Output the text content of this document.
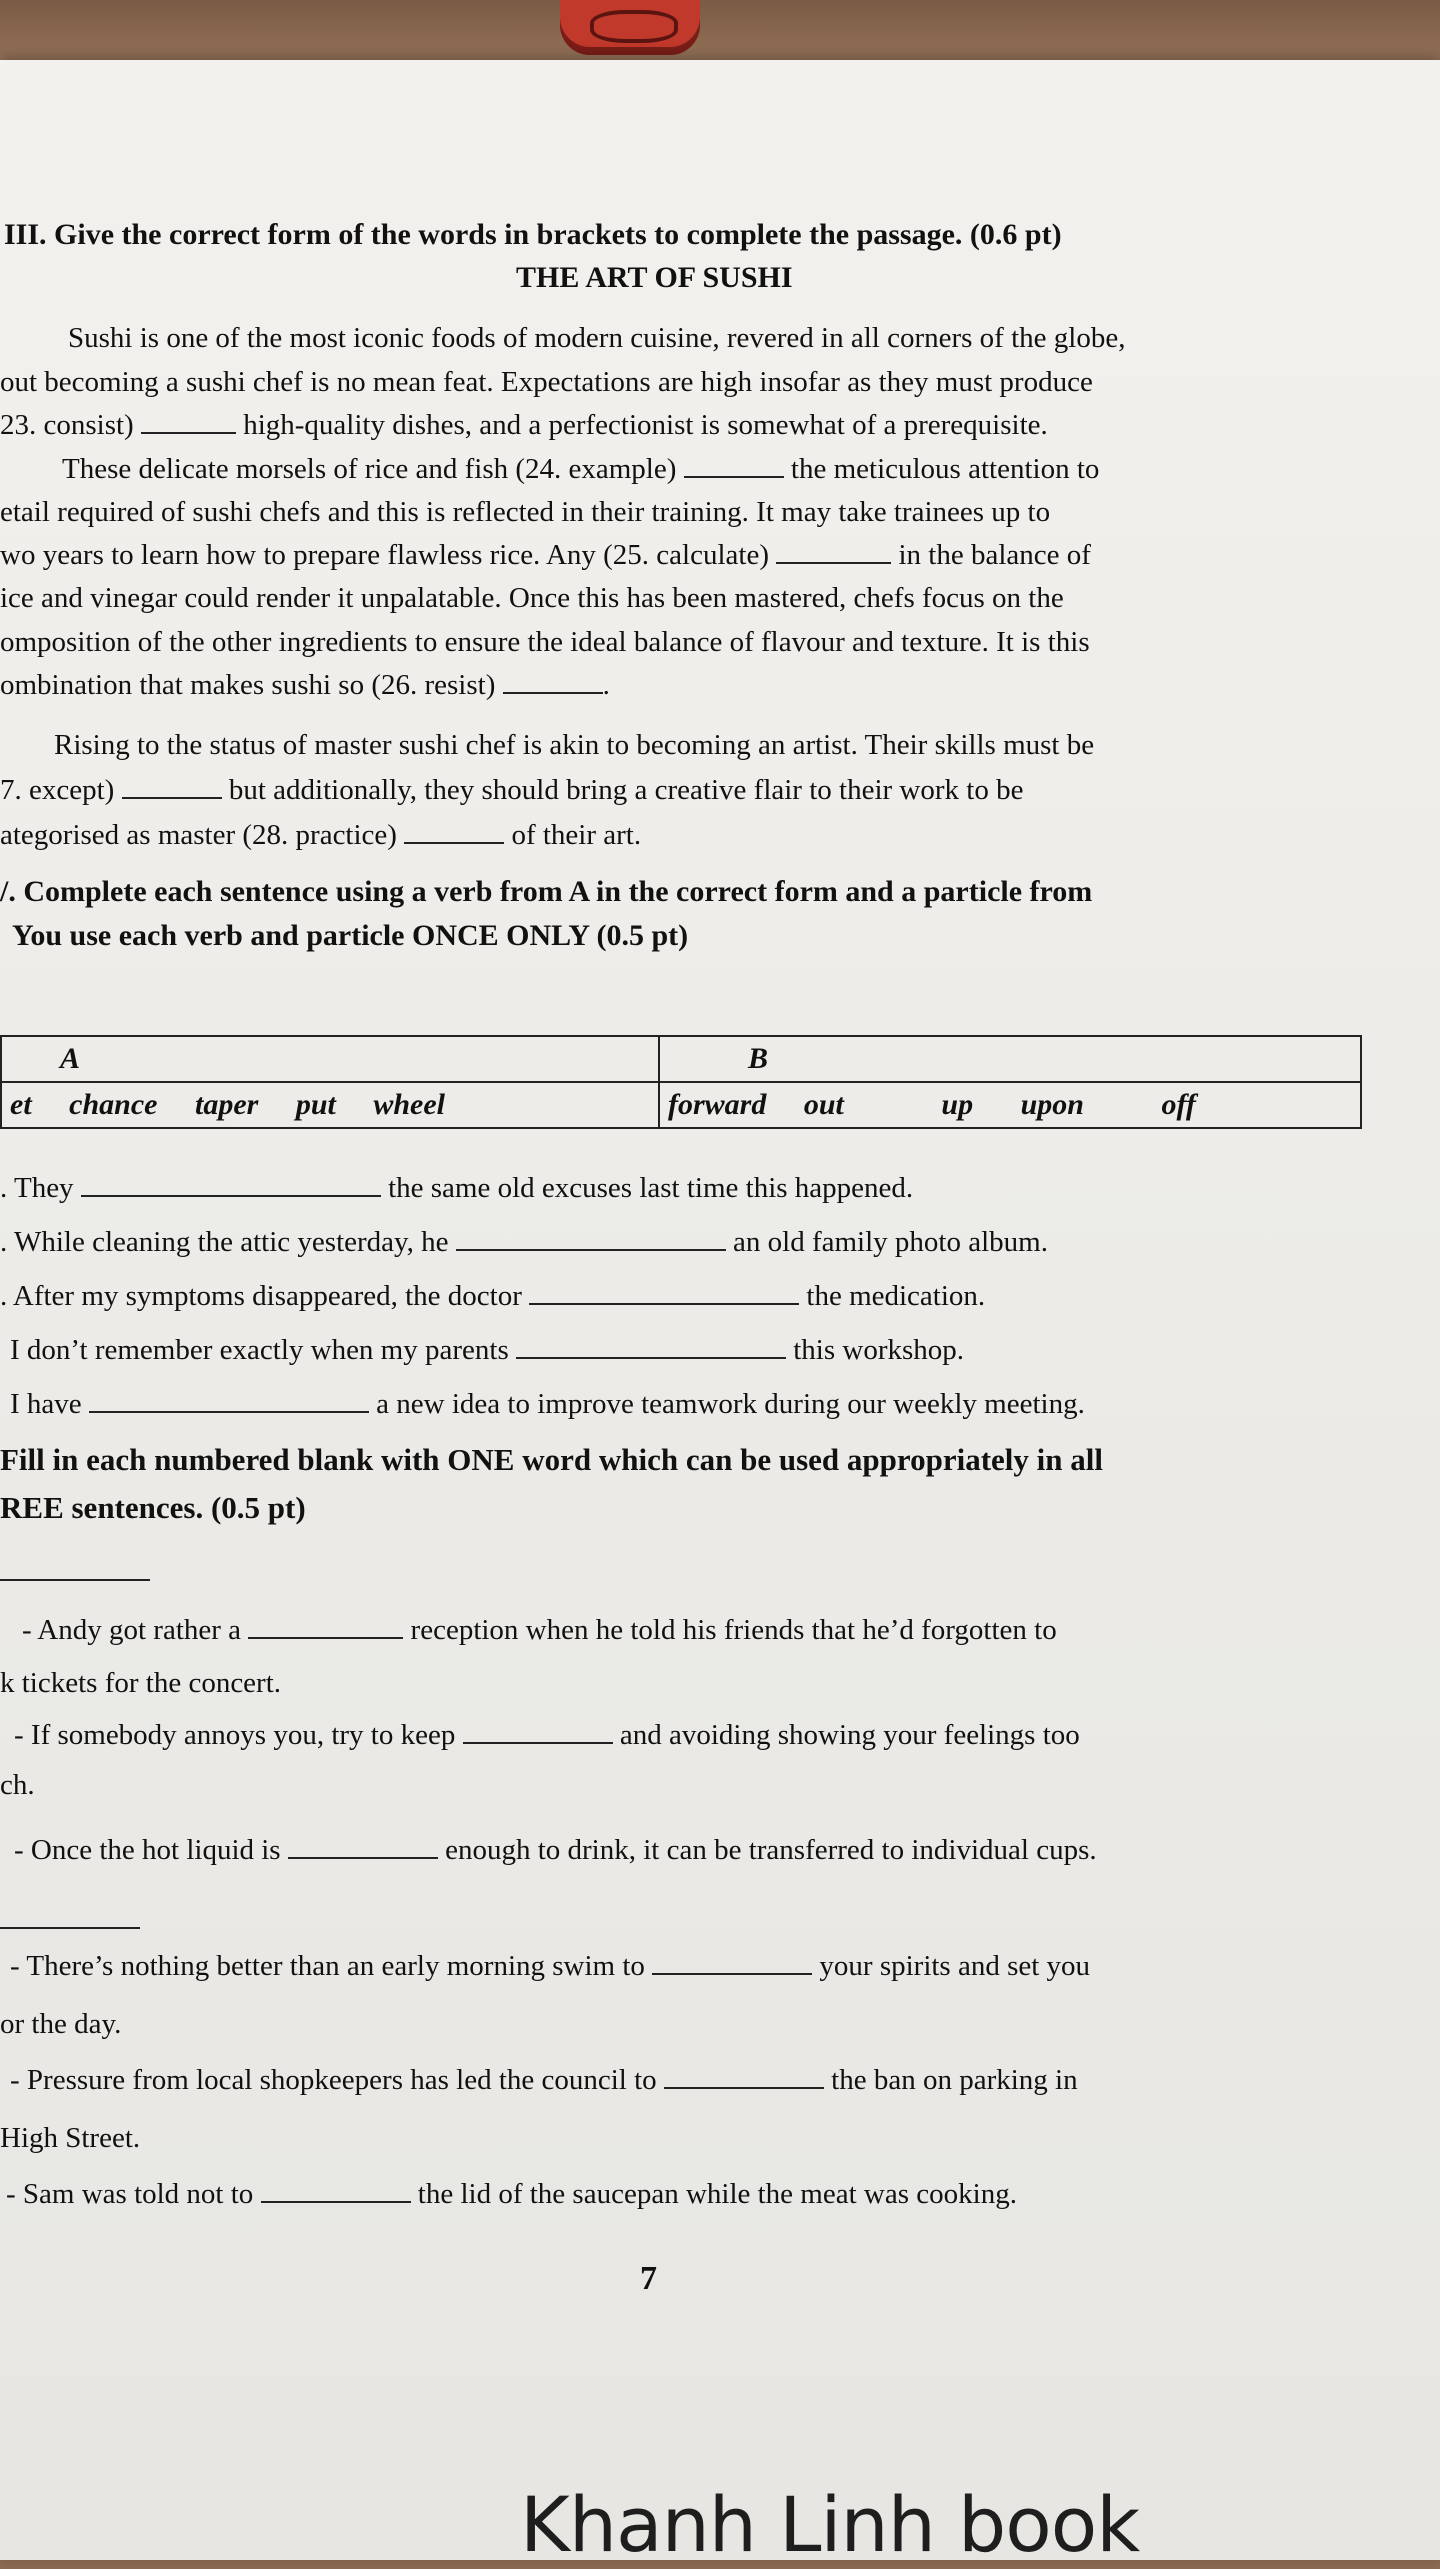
III. Give the correct form of the words in brackets to complete the passage. (0.6 pt)
THE ART OF SUSHI
Sushi is one of the most iconic foods of modern cuisine, revered in all corners of the globe,
out becoming a sushi chef is no mean feat. Expectations are high insofar as they must produce
23. consist)	high-quality dishes, and a perfectionist is somewhat of a prerequisite.
These delicate morsels of rice and fish (24. example)	the meticulous attention to
etail required of sushi chefs and this is reflected in their training. It may take trainees up to
wo years to learn how to prepare flawless rice. Any (25. calculate)	in the balance of
ice and vinegar could render it unpalatable. Once this has been mastered, chefs focus on the
omposition of the other ingredients to ensure the ideal balance of flavour and texture. It is this
ombination that makes sushi so (26. resist)	.
Rising to the status of master sushi chef is akin to becoming an artist. Their skills must be
7. except)	but additionally, they should bring a creative flair to their work to be
ategorised as master (28. practice)	of their art.
/. Complete each sentence using a verb from A in the correct form and a particle from
You use each verb and particle ONCE ONLY (0.5 pt)
A	B
et chance taper put wheel	forward out up upon off
. They	the same old excuses last time this happened.
. While cleaning the attic yesterday, he	an old family photo album.
. After my symptoms disappeared, the doctor	the medication.
I don’t remember exactly when my parents	this workshop.
I have	a new idea to improve teamwork during our weekly meeting.
Fill in each numbered blank with ONE word which can be used appropriately in all
REE sentences. (0.5 pt)
- Andy got rather a	reception when he told his friends that he’d forgotten to
k tickets for the concert.
- If somebody annoys you, try to keep	and avoiding showing your feelings too
ch.
- Once the hot liquid is	enough to drink, it can be transferred to individual cups.
- There’s nothing better than an early morning swim to	your spirits and set you
or the day.
- Pressure from local shopkeepers has led the council to	the ban on parking in
High Street.
- Sam was told not to	the lid of the saucepan while the meat was cooking.
7
Khanh Linh book
